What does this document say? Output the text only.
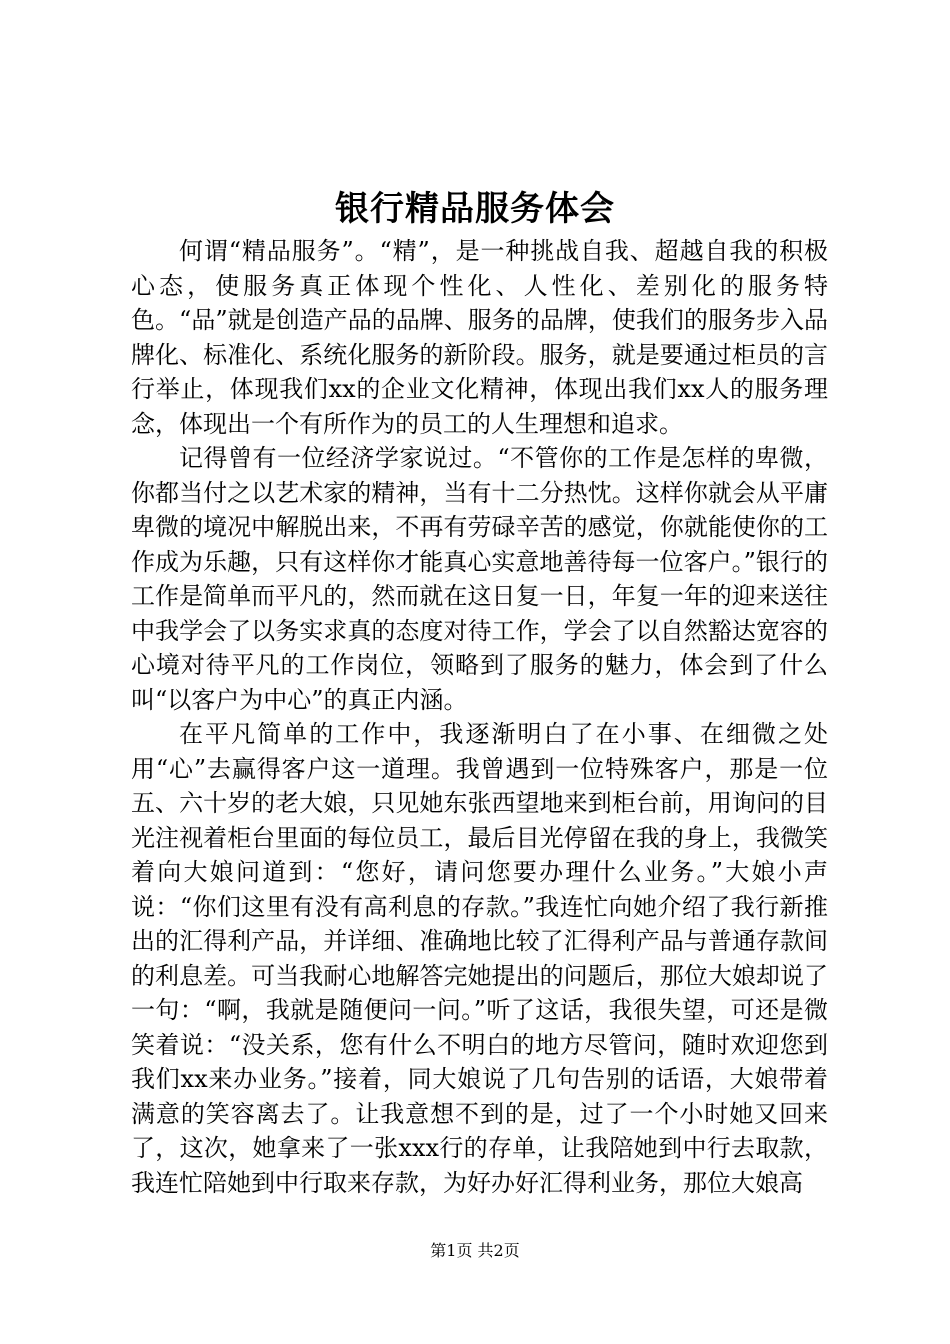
银行精品服务体会

何谓“精品服务”。“精”，是一种挑战自我、超越自我的积极心态，使服务真正体现个性化、人性化、差别化的服务特色。“品”就是创造产品的品牌、服务的品牌，使我们的服务步入品牌化、标准化、系统化服务的新阶段。服务，就是要通过柜员的言行举止，体现我们xx的企业文化精神，体现出我们xx人的服务理念，体现出一个有所作为的员工的人生理想和追求。

记得曾有一位经济学家说过。“不管你的工作是怎样的卑微，你都当付之以艺术家的精神，当有十二分热忱。这样你就会从平庸卑微的境况中解脱出来，不再有劳碌辛苦的感觉，你就能使你的工作成为乐趣，只有这样你才能真心实意地善待每一位客户。”银行的工作是简单而平凡的，然而就在这日复一日，年复一年的迎来送往中我学会了以务实求真的态度对待工作，学会了以自然豁达宽容的心境对待平凡的工作岗位，领略到了服务的魅力，体会到了什么叫“以客户为中心”的真正内涵。

在平凡简单的工作中，我逐渐明白了在小事、在细微之处用“心”去赢得客户这一道理。我曾遇到一位特殊客户，那是一位五、六十岁的老大娘，只见她东张西望地来到柜台前，用询问的目光注视着柜台里面的每位员工，最后目光停留在我的身上，我微笑着向大娘问道到：“您好，请问您要办理什么业务。”大娘小声说：“你们这里有没有高利息的存款。”我连忙向她介绍了我行新推出的汇得利产品，并详细、准确地比较了汇得利产品与普通存款间的利息差。可当我耐心地解答完她提出的问题后，那位大娘却说了一句：“啊，我就是随便问一问。”听了这话，我很失望，可还是微笑着说：“没关系，您有什么不明白的地方尽管问，随时欢迎您到我们xx来办业务。”接着，同大娘说了几句告别的话语，大娘带着满意的笑容离去了。让我意想不到的是，过了一个小时她又回来了，这次，她拿来了一张xxx行的存单，让我陪她到中行去取款，我连忙陪她到中行取来存款，为好办好汇得利业务，那位大娘高

第1页 共2页
